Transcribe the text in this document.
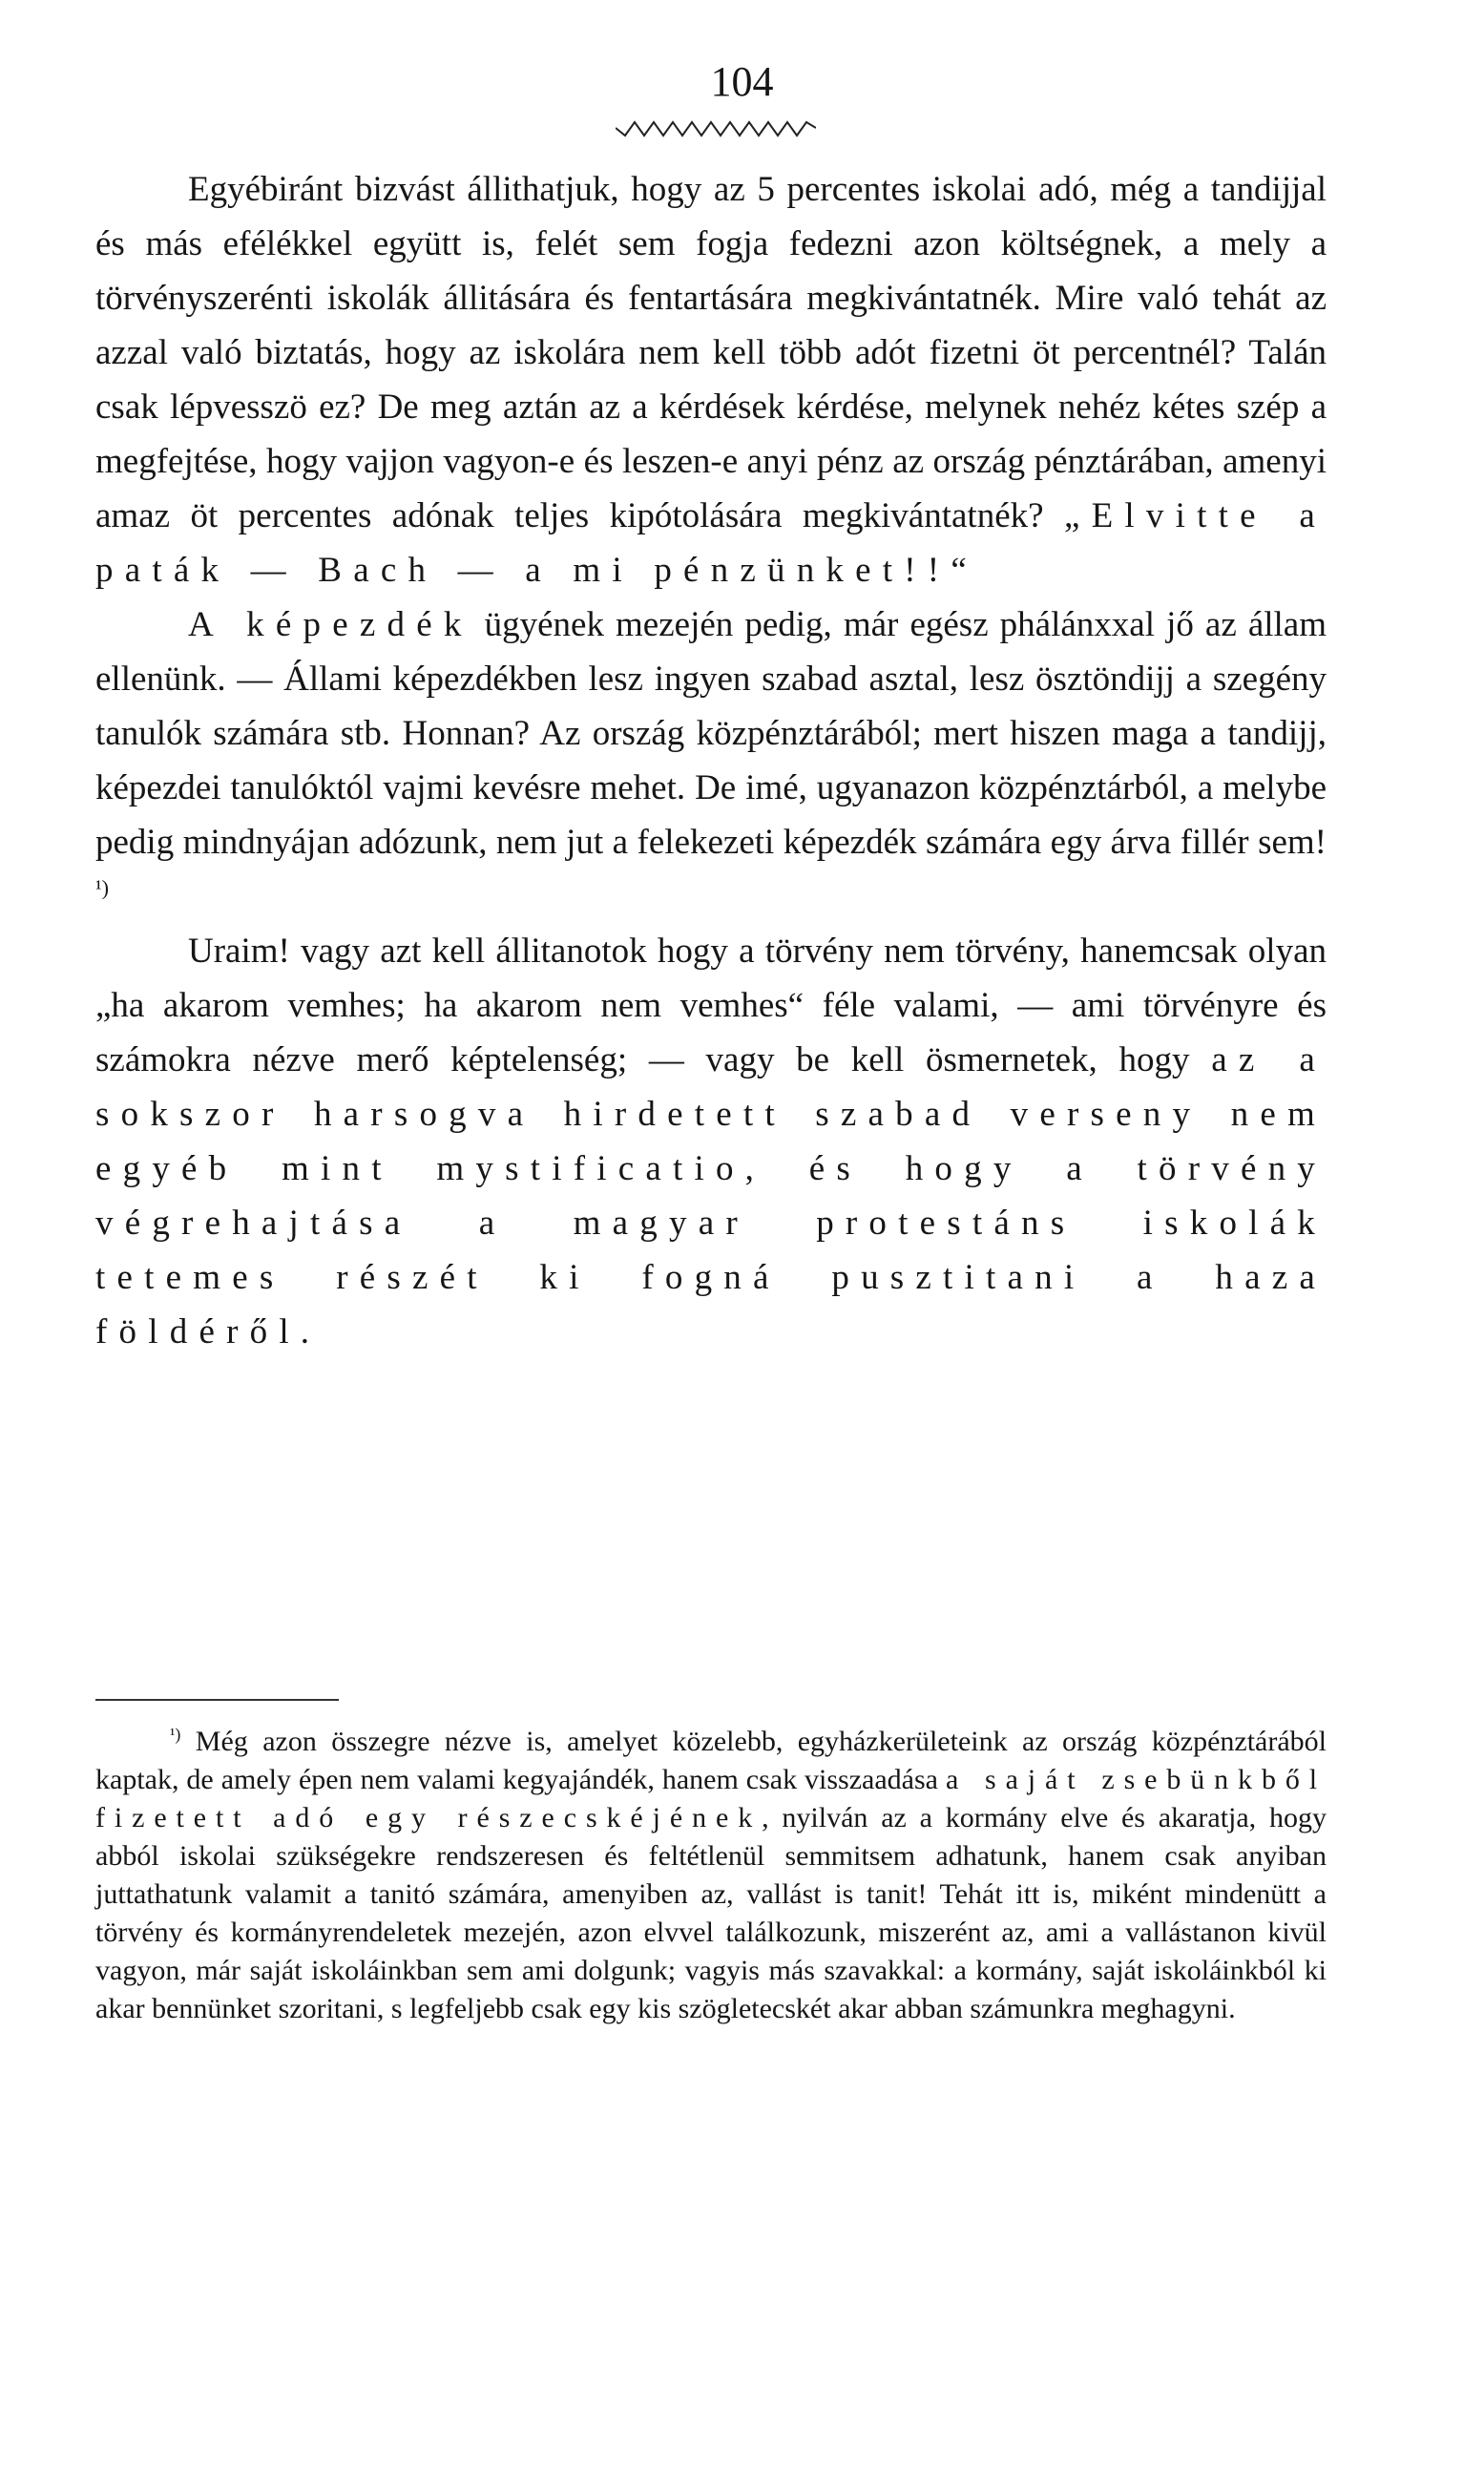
104

Egyébiránt bizvást állithatjuk, hogy az 5 percentes iskolai adó, még a tandijjal és más efélékkel együtt is, felét sem fogja fedezni azon költségnek, a mely a törvényszerénti iskolák állitására és fentartására megkivántatnék. Mire való tehát az azzal való biztatás, hogy az iskolára nem kell több adót fizetni öt percentnél? Talán csak lépvesszö ez? De meg aztán az a kérdések kérdése, melynek nehéz kétes szép a megfejtése, hogy vajjon vagyon-e és leszen-e anyi pénz az ország pénztárában, amenyi amaz öt percentes adónak teljes kipótolására megkivántatnék? „Elvitte a paták — Bach — a mi pénzünket!!“

A képezdék ügyének mezején pedig, már egész phálánxxal jő az állam ellenünk. — Állami képezdékben lesz ingyen szabad asztal, lesz ösztöndijj a szegény tanulók számára stb. Honnan? Az ország közpénztárából; mert hiszen maga a tandijj, képezdei tanulóktól vajmi kevésre mehet. De imé, ugyanazon közpénztárból, a melybe pedig mindnyájan adózunk, nem jut a felekezeti képezdék számára egy árva fillér sem!$^{^1)}$

Uraim! vagy azt kell állitanotok hogy a törvény nem törvény, hanemcsak olyan „ha akarom vemhes; ha akarom nem vemhes“ féle valami, — ami törvényre és számokra nézve merő képtelenség; — vagy be kell ösmernetek, hogy az a sokszor harsogva hirdetett szabad verseny nem egyéb mint mystificatio, és hogy a törvény végrehajtása a magyar protestáns iskolák tetemes részét ki fogná pusztitani a haza földéről.

$^{^1)}$ Még azon összegre nézve is, amelyet közelebb, egyházkerületeink az ország közpénztárából kaptak, de amely épen nem valami kegyajándék, hanem csak visszaadása a saját zsebünkből fizetett adó egy részecskéjének, nyilván az a kormány elve és akaratja, hogy abból iskolai szükségekre rendszeresen és feltétlenül semmitsem adhatunk, hanem csak anyiban juttathatunk valamit a tanitó számára, amenyiben az, vallást is tanit! Tehát itt is, miként mindenütt a törvény és kormányrendeletek mezején, azon elvvel találkozunk, miszerént az, ami a vallástanon kivül vagyon, már saját iskoláinkban sem ami dolgunk; vagyis más szavakkal: a kormány, saját iskoláinkból ki akar bennünket szoritani, s legfeljebb csak egy kis szögletecskét akar abban számunkra meghagyni.
